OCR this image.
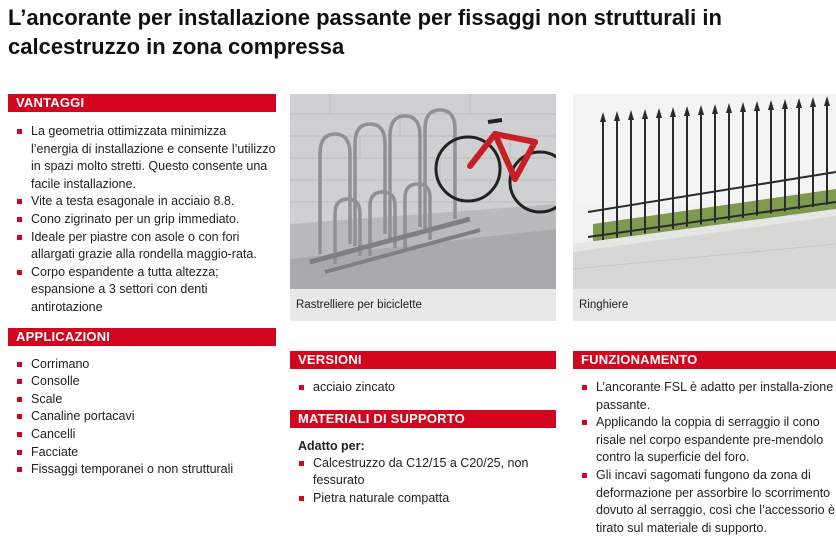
L’ancorante per installazione passante per fissaggi non strutturali in calcestruzzo in zona compressa
VANTAGGI
La geometria ottimizzata minimizza l’energia di installazione e consente l’utilizzo in spazi molto stretti. Questo consente una facile installazione.
Vite a testa esagonale in acciaio 8.8.
Cono zigrinato per un grip immediato.
Ideale per piastre con asole o con fori allargati grazie alla rondella maggio-rata.
Corpo espandente a tutta altezza; espansione a 3 settori con denti antirotazione
APPLICAZIONI
Corrimano
Consolle
Scale
Canaline portacavi
Cancelli
Facciate
Fissaggi temporanei o non strutturali
Rastrelliere per biciclette
VERSIONI
acciaio zincato
MATERIALI DI SUPPORTO
Adatto per:
Calcestruzzo da C12/15 a C20/25, non fessurato
Pietra naturale compatta
Ringhiere
FUNZIONAMENTO
L’ancorante FSL è adatto per installa-zione passante.
Applicando la coppia di serraggio il cono risale nel corpo espandente pre-mendolo contro la superficie del foro.
Gli incavi sagomati fungono da zona di deformazione per assorbire lo scorrimento dovuto al serraggio, così che l’accessorio è tirato sul materiale di supporto.
